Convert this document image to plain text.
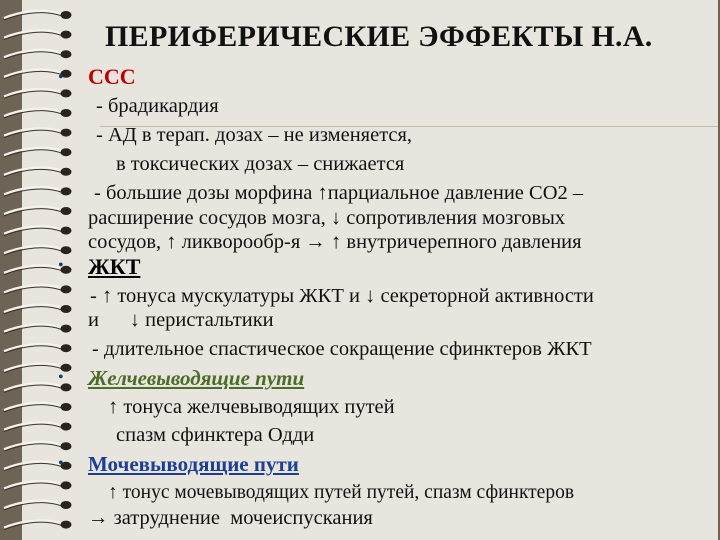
ПЕРИФЕРИЧЕСКИЕ ЭФФЕКТЫ Н.А.
•
•
•
•
ССС
- брадикардия
- АД в терап. дозах – не изменяется,
в токсических дозах – снижается
- большие дозы морфина ↑парциальное давление СО2 –
расширение сосудов мозга, ↓ сопротивления мозговых
сосудов, ↑ ликворообр-я → ↑ внутричерепного давления
ЖКТ
- ↑ тонуса мускулатуры ЖКТ и ↓ секреторной активности
и      ↓ перистальтики
- длительное спастическое сокращение сфинктеров ЖКТ
Желчевыводящие пути
↑ тонуса желчевыводящих путей
спазм сфинктера Одди
Мочевыводящие пути
↑ тонус мочевыводящих путей путей, спазм сфинктеров
→ затруднение  мочеиспускания
